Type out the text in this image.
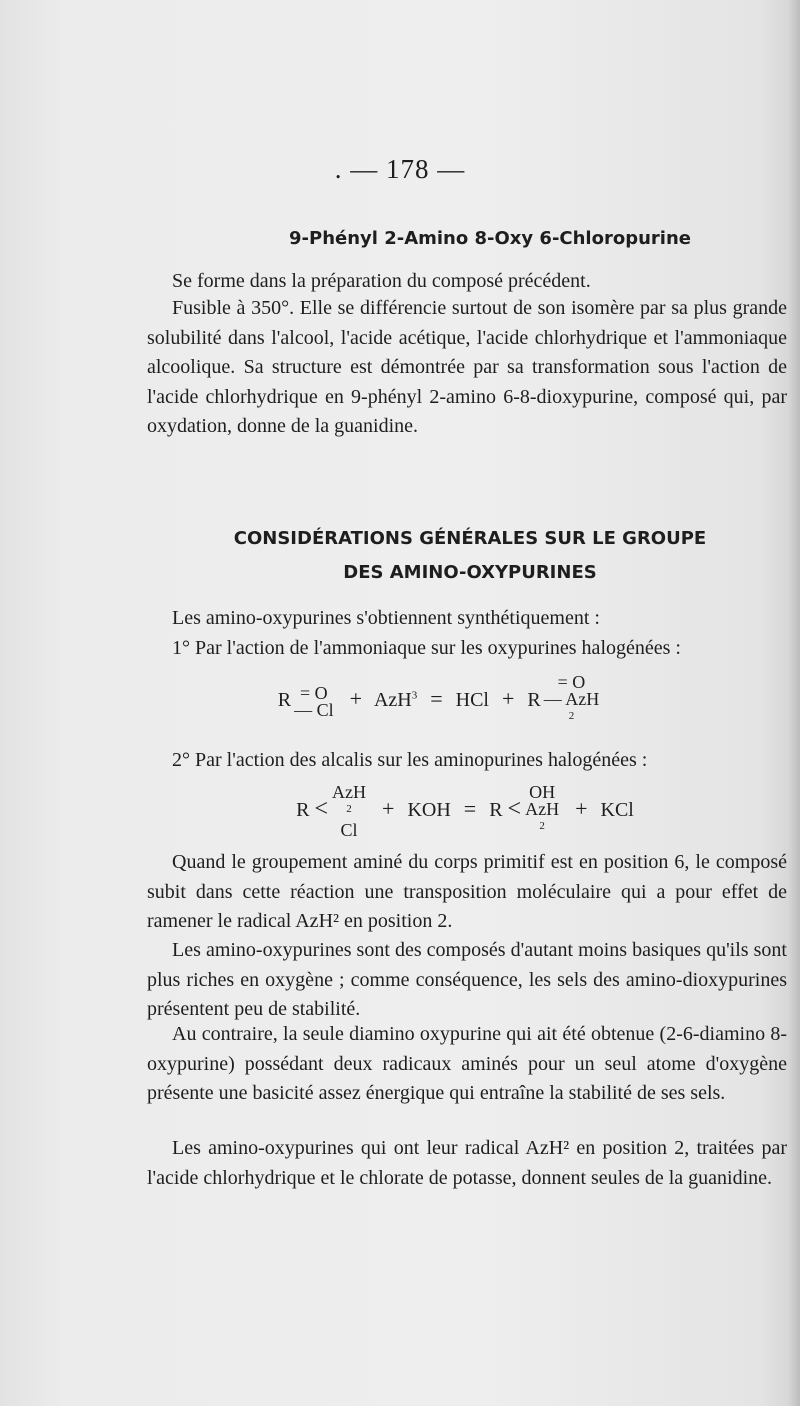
. — 178 —
9-Phényl 2-Amino 8-Oxy 6-Chloropurine
Se forme dans la préparation du composé précédent.
Fusible à 350°. Elle se différencie surtout de son isomère par sa plus grande solubilité dans l'alcool, l'acide acétique, l'acide chlorhydrique et l'ammoniaque alcoolique. Sa structure est démontrée par sa transformation sous l'action de l'acide chlorhydrique en 9-phényl 2-amino 6-8-dioxypurine, composé qui, par oxydation, donne de la guanidine.
CONSIDÉRATIONS GÉNÉRALES SUR LE GROUPE
DES AMINO-OXYPURINES
Les amino-oxypurines s'obtiennent synthétiquement :
1° Par l'action de l'ammoniaque sur les oxypurines halogénées :
R = O
— Cl + AzH$^3$ = HCl + R
= O
— AzH
$^2$
2° Par l'action des alcalis sur les aminopurines halogénées :
R <
AzH
$^2$
Cl
+ KOH = R <
OH
AzH
$^2$
+ KCl
Quand le groupement aminé du corps primitif est en position 6, le composé subit dans cette réaction une transposition moléculaire qui a pour effet de ramener le radical AzH² en position 2.
Les amino-oxypurines sont des composés d'autant moins basiques qu'ils sont plus riches en oxygène ; comme conséquence, les sels des amino-dioxypurines présentent peu de stabilité.
Au contraire, la seule diamino oxypurine qui ait été obtenue (2-6-diamino 8-oxypurine) possédant deux radicaux aminés pour un seul atome d'oxygène présente une basicité assez énergique qui entraîne la stabilité de ses sels.
Les amino-oxypurines qui ont leur radical AzH² en position 2, traitées par l'acide chlorhydrique et le chlorate de potasse, donnent seules de la guanidine.
